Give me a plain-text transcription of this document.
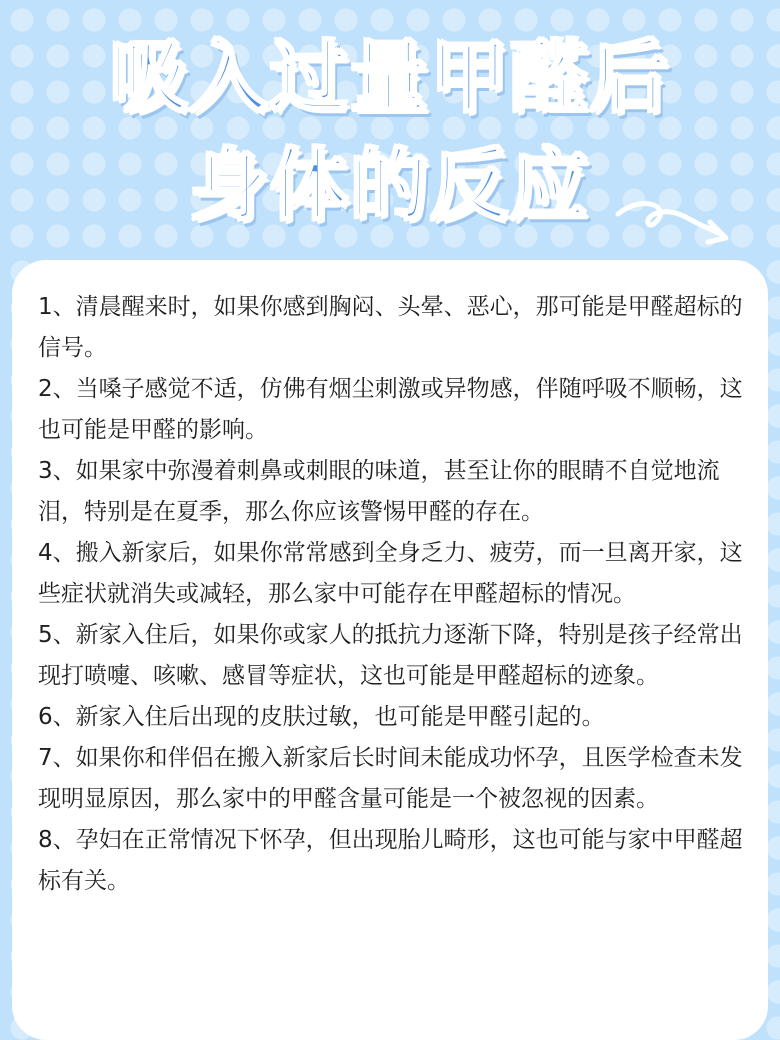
吸入过量甲醛后
身体的反应

1、清晨醒来时，如果你感到胸闷、头晕、恶心，那可能是甲醛超标的信号。

2、当嗓子感觉不适，仿佛有烟尘刺激或异物感，伴随呼吸不顺畅，这也可能是甲醛的影响。

3、如果家中弥漫着刺鼻或刺眼的味道，甚至让你的眼睛不自觉地流泪，特别是在夏季，那么你应该警惕甲醛的存在。

4、搬入新家后，如果你常常感到全身乏力、疲劳，而一旦离开家，这些症状就消失或减轻，那么家中可能存在甲醛超标的情况。

5、新家入住后，如果你或家人的抵抗力逐渐下降，特别是孩子经常出现打喷嚏、咳嗽、感冒等症状，这也可能是甲醛超标的迹象。

6、新家入住后出现的皮肤过敏，也可能是甲醛引起的。

7、如果你和伴侣在搬入新家后长时间未能成功怀孕，且医学检查未发现明显原因，那么家中的甲醛含量可能是一个被忽视的因素。

8、孕妇在正常情况下怀孕，但出现胎儿畸形，这也可能与家中甲醛超标有关。
